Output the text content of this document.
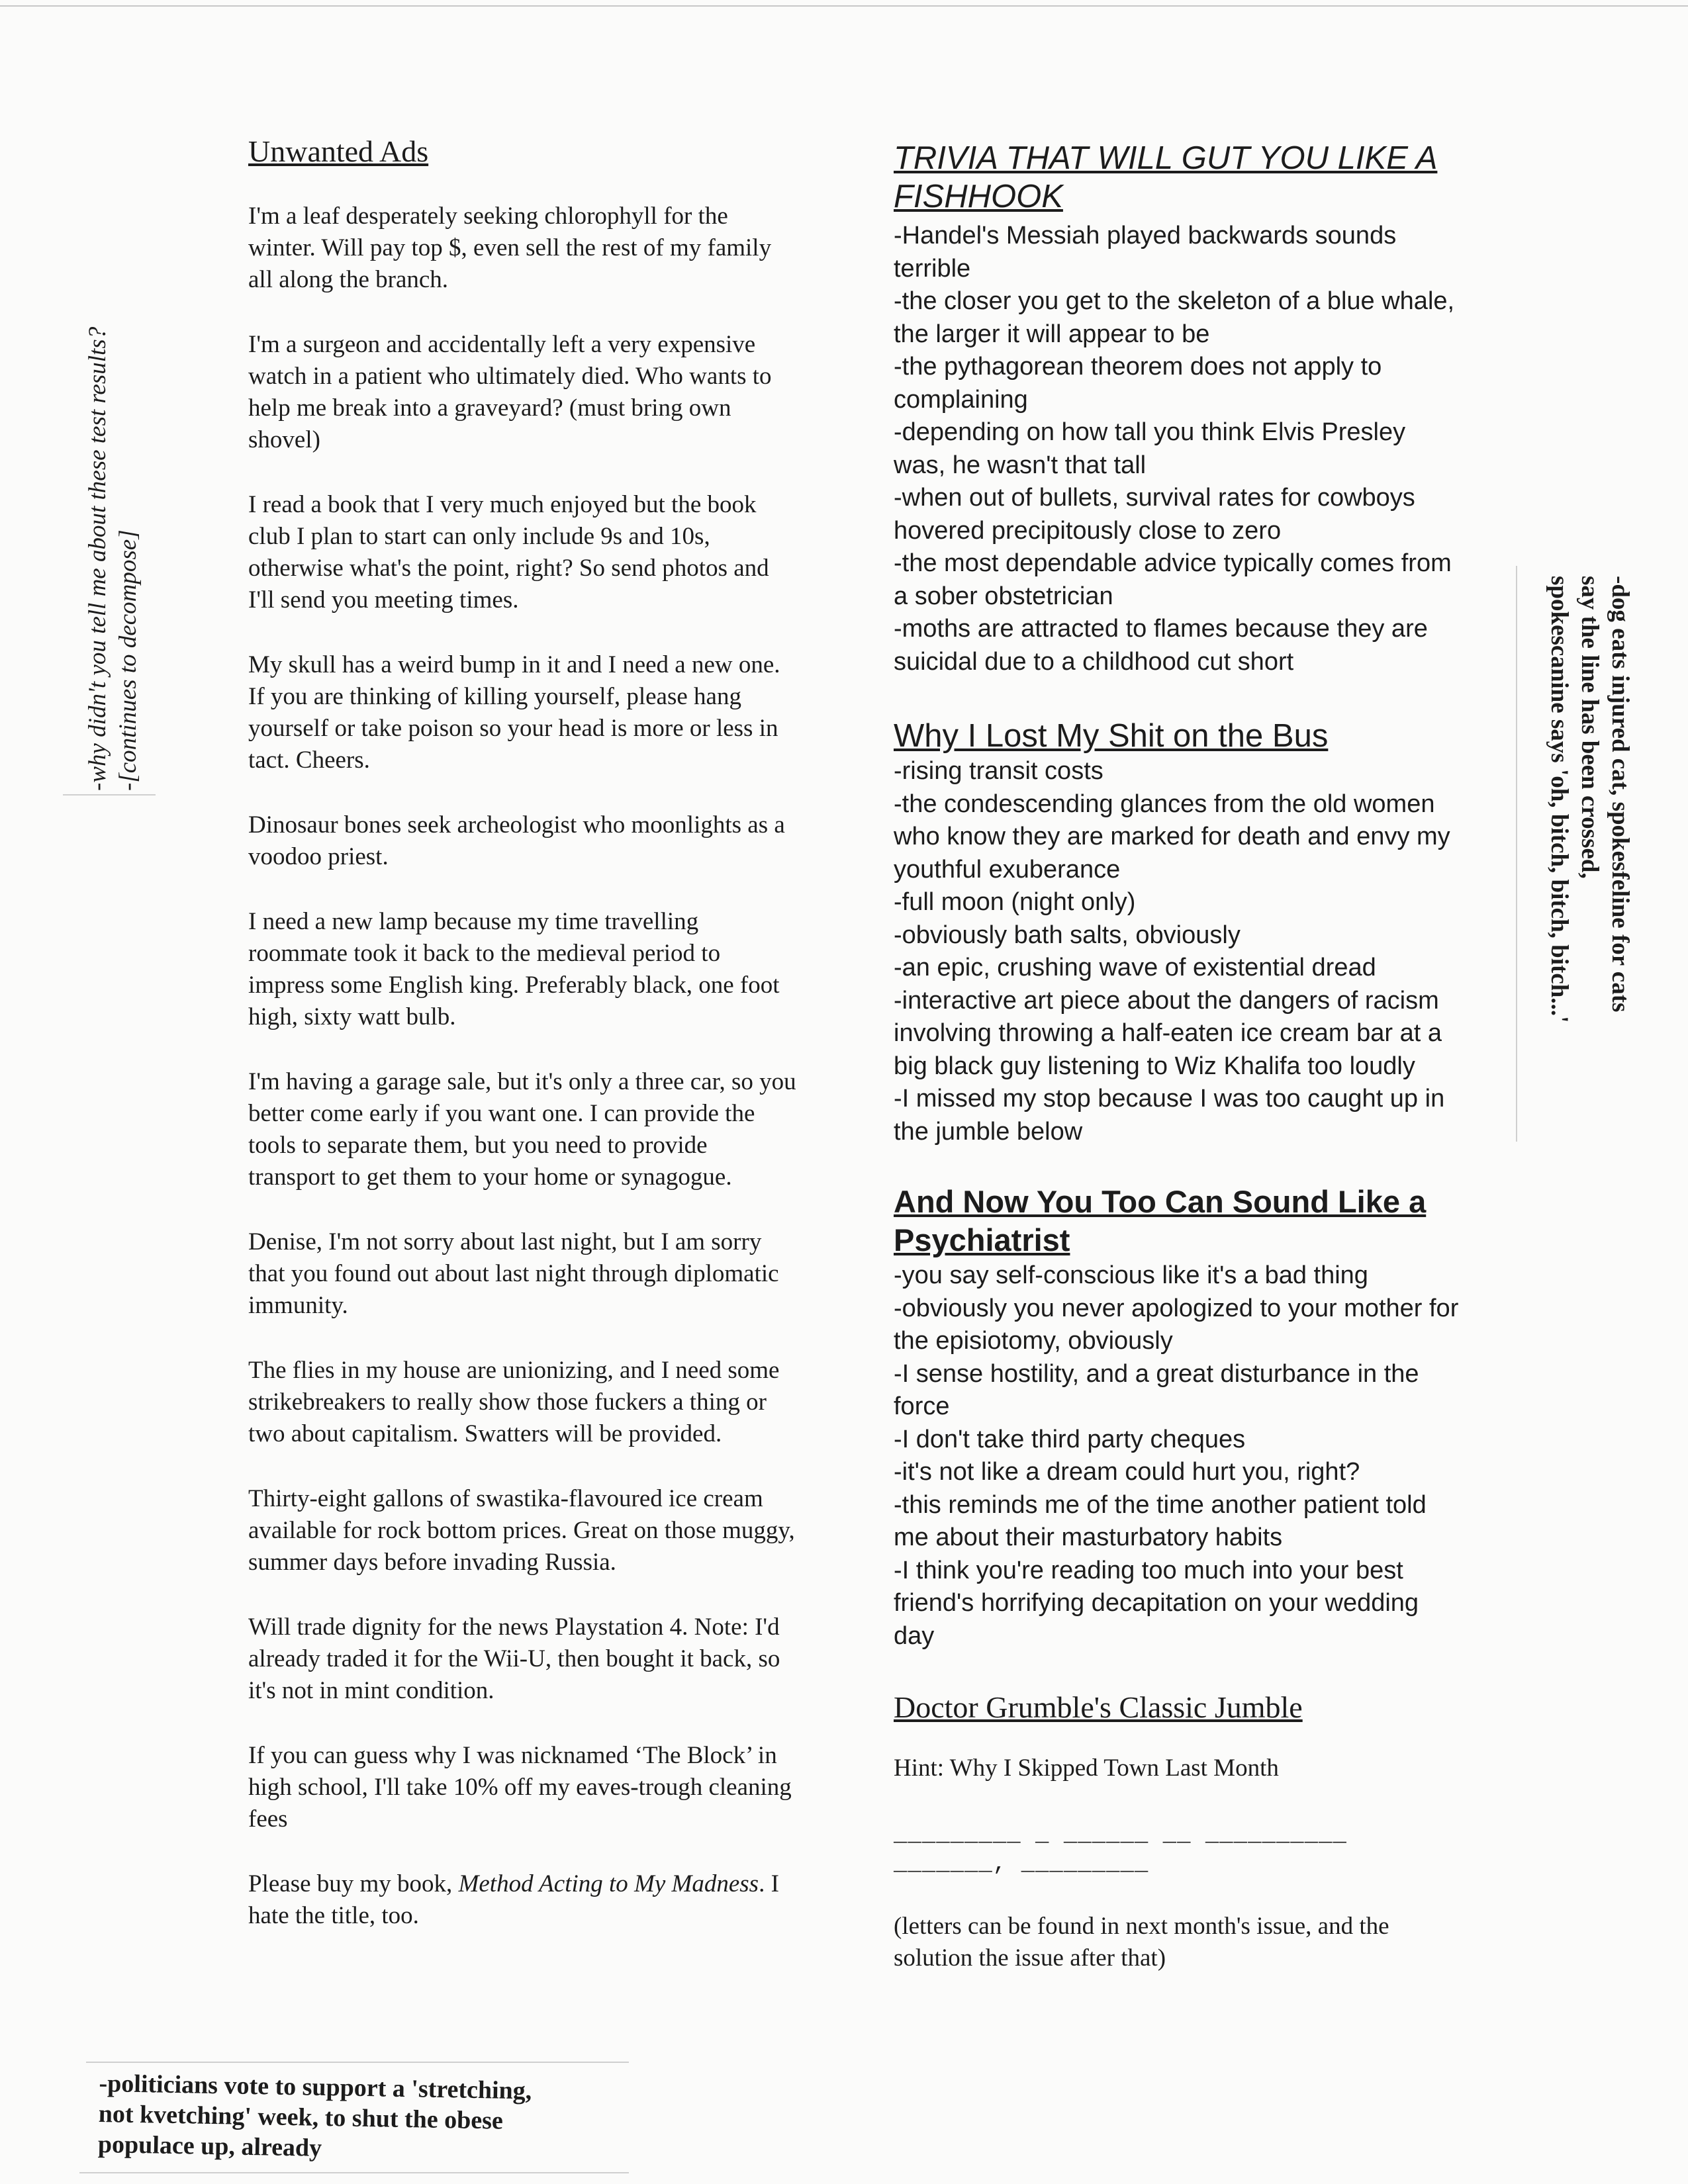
Unwanted Ads
I'm a leaf desperately seeking chlorophyll for the winter. Will pay top $, even sell the rest of my family all along the branch.
I'm a surgeon and accidentally left a very expensive watch in a patient who ultimately died. Who wants to help me break into a graveyard? (must bring own shovel)
I read a book that I very much enjoyed but the book club I plan to start can only include 9s and 10s, otherwise what's the point, right? So send photos and I'll send you meeting times.
My skull has a weird bump in it and I need a new one. If you are thinking of killing yourself, please hang yourself or take poison so your head is more or less in tact. Cheers.
Dinosaur bones seek archeologist who moonlights as a voodoo priest.
I need a new lamp because my time travelling roommate took it back to the medieval period to impress some English king. Preferably black, one foot high, sixty watt bulb.
I'm having a garage sale, but it's only a three car, so you better come early if you want one. I can provide the tools to separate them, but you need to provide transport to get them to your home or synagogue.
Denise, I'm not sorry about last night, but I am sorry that you found out about last night through diplomatic immunity.
The flies in my house are unionizing, and I need some strikebreakers to really show those fuckers a thing or two about capitalism. Swatters will be provided.
Thirty-eight gallons of swastika-flavoured ice cream available for rock bottom prices. Great on those muggy, summer days before invading Russia.
Will trade dignity for the news Playstation 4. Note: I'd already traded it for the Wii-U, then bought it back, so it's not in mint condition.
If you can guess why I was nicknamed ‘The Block’ in high school, I'll take 10% off my eaves-trough cleaning fees
Please buy my book, Method Acting to My Madness. I hate the title, too.
TRIVIA THAT WILL GUT YOU LIKE A FISHHOOK
-Handel's Messiah played backwards sounds terrible
-the closer you get to the skeleton of a blue whale, the larger it will appear to be
-the pythagorean theorem does not apply to complaining
-depending on how tall you think Elvis Presley was, he wasn't that tall
-when out of bullets, survival rates for cowboys hovered precipitously close to zero
-the most dependable advice typically comes from a sober obstetrician
-moths are attracted to flames because they are suicidal due to a childhood cut short
Why I Lost My Shit on the Bus
-rising transit costs
-the condescending glances from the old women who know they are marked for death and envy my youthful exuberance
-full moon (night only)
-obviously bath salts, obviously
-an epic, crushing wave of existential dread
-interactive art piece about the dangers of racism involving throwing a half-eaten ice cream bar at a big black guy listening to Wiz Khalifa too loudly
-I missed my stop because I was too caught up in the jumble below
And Now You Too Can Sound Like a Psychiatrist
-you say self-conscious like it's a bad thing
-obviously you never apologized to your mother for the episiotomy, obviously
-I sense hostility, and a great disturbance in the force
-I don't take third party cheques
-it's not like a dream could hurt you, right?
-this reminds me of the time another patient told me about their masturbatory habits
-I think you're reading too much into your best friend's horrifying decapitation on your wedding day
Doctor Grumble's Classic Jumble
Hint: Why I Skipped Town Last Month
_________ _ ______ __ __________
_______, _________
(letters can be found in next month's issue, and the solution the issue after that)
-why didn't you tell me about these test results? -[continues to decompose]	-dog eats injured cat, spokesfeline for cats
say the line has been crossed,
spokescanine says 'oh, bitch, bitch, bitch...'
-politicians vote to support a 'stretching,
not kvetching' week, to shut the obese
populace up, already
